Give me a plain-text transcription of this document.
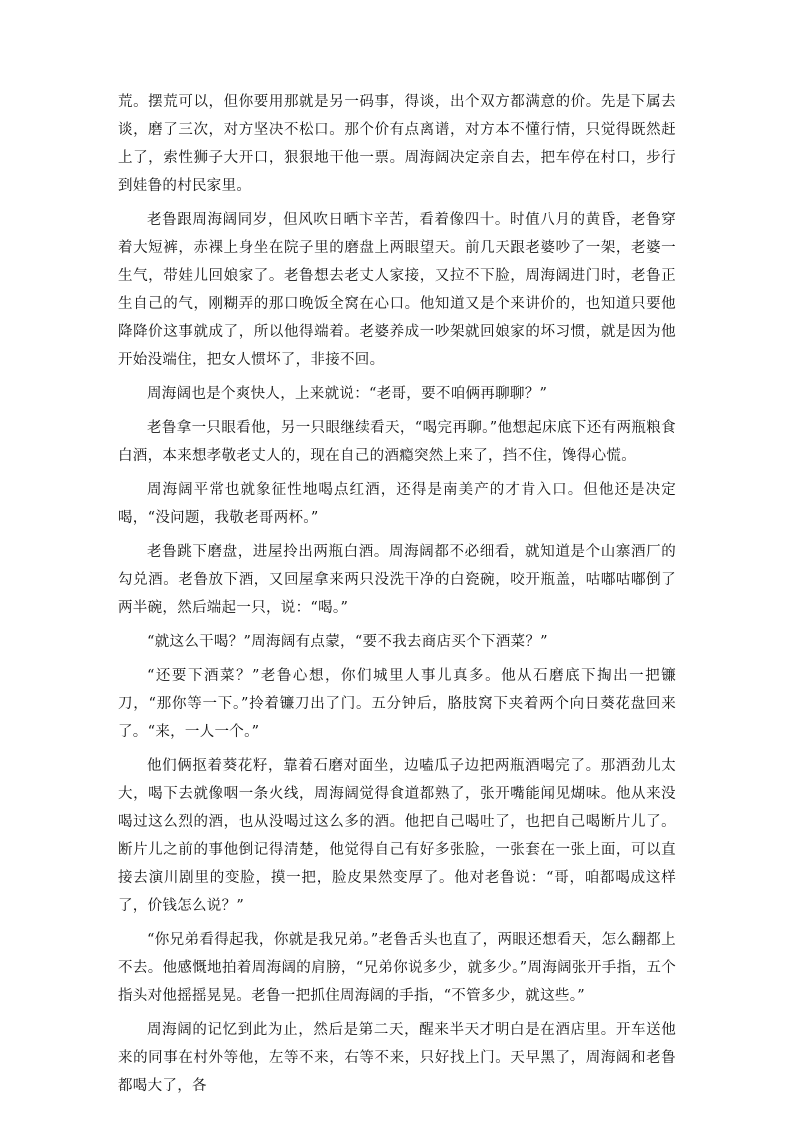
荒。摆荒可以，但你要用那就是另一码事，得谈，出个双方都满意的价。先是下属去谈，磨了三次，对方坚决不松口。那个价有点离谱，对方本不懂行情，只觉得既然赶上了，索性狮子大开口，狠狠地干他一票。周海阔决定亲自去，把车停在村口，步行到娃鲁的村民家里。

老鲁跟周海阔同岁，但风吹日晒卞辛苦，看着像四十。时值八月的黄昏，老鲁穿着大短裤，赤裸上身坐在院子里的磨盘上两眼望天。前几天跟老婆吵了一架，老婆一生气，带娃儿回娘家了。老鲁想去老丈人家接，又拉不下脸，周海阔进门时，老鲁正生自己的气，刚糊弄的那口晚饭全窝在心口。他知道又是个来讲价的，也知道只要他降降价这事就成了，所以他得端着。老婆养成一吵架就回娘家的坏习惯，就是因为他开始没端住，把女人惯坏了，非接不回。

周海阔也是个爽快人，上来就说：“老哥，要不咱俩再聊聊？”

老鲁拿一只眼看他，另一只眼继续看天，“喝完再聊。”他想起床底下还有两瓶粮食白酒，本来想孝敬老丈人的，现在自己的酒瘾突然上来了，挡不住，馋得心慌。

周海阔平常也就象征性地喝点红酒，还得是南美产的才肯入口。但他还是决定喝，“没问题，我敬老哥两杯。”

老鲁跳下磨盘，进屋拎出两瓶白酒。周海阔都不必细看，就知道是个山寨酒厂的勾兑酒。老鲁放下酒，又回屋拿来两只没洗干净的白瓷碗，咬开瓶盖，咕嘟咕嘟倒了两半碗，然后端起一只，说：“喝。”

“就这么干喝？”周海阔有点蒙，“要不我去商店买个下酒菜？”

“还要下酒菜？”老鲁心想，你们城里人事儿真多。他从石磨底下掏出一把镰刀，“那你等一下。”拎着镰刀出了门。五分钟后，胳肢窝下夹着两个向日葵花盘回来了。“来，一人一个。”

他们俩抠着葵花籽，靠着石磨对面坐，边嗑瓜子边把两瓶酒喝完了。那酒劲儿太大，喝下去就像咽一条火线，周海阔觉得食道都熟了，张开嘴能闻见煳味。他从来没喝过这么烈的酒，也从没喝过这么多的酒。他把自己喝吐了，也把自己喝断片儿了。断片儿之前的事他倒记得清楚，他觉得自己有好多张脸，一张套在一张上面，可以直接去演川剧里的变脸，摸一把，脸皮果然变厚了。他对老鲁说：“哥，咱都喝成这样了，价钱怎么说？”

“你兄弟看得起我，你就是我兄弟。”老鲁舌头也直了，两眼还想看天，怎么翻都上不去。他感慨地拍着周海阔的肩膀，“兄弟你说多少，就多少。”周海阔张开手指，五个指头对他摇摇晃晃。老鲁一把抓住周海阔的手指，“不管多少，就这些。”

周海阔的记忆到此为止，然后是第二天，醒来半天才明白是在酒店里。开车送他来的同事在村外等他，左等不来，右等不来，只好找上门。天早黑了，周海阔和老鲁都喝大了，各
